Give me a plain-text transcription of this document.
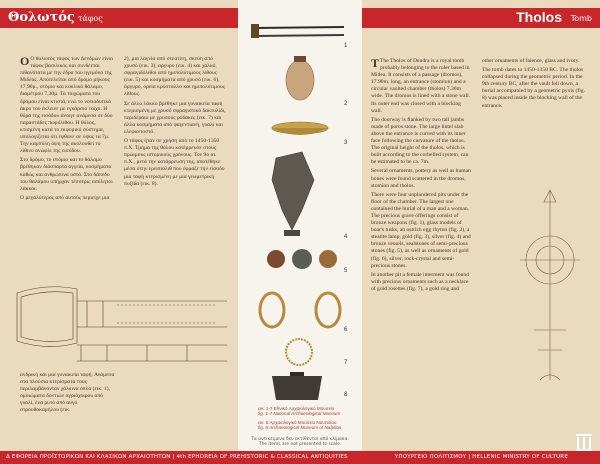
Θολωτός τάφος	Tholos Tomb

Ο Ο θολωτός τάφος των Δενδρών είναι τάφος βασιλικός και συνδέεται πιθανότατα με την έδρα του ηγεμόνα της Μιδέας. Αποτελείται από δρόμο μήκους 17,90μ., στόμιο και κυκλικό θάλαμο, διαμέτρου 7,30μ. Τα τοιχώματα του δρόμου είναι κτιστά, ενώ το νοτιοδυτικό άκρο του έκλεινε με εγκάρσιο τοίχο. Η θύρα της εισόδου άνοιγε ανάμεσα σε δύο παραστάδες πωρόλιθου. Η θόλος, κτισμένη κατά το εκφορικό σύστημα, υπολογίζεται ότι έφθανε σε ύψος τα 7μ. Την καμπύλη όψη της ακολουθεί το λίθινο ανώφλι της εισόδου.

Στο δρόμο, το στόμιο και το θάλαμο βρέθηκαν διάσπαρτα αγγεία, κοσμήματα καθώς και ανθρώπινα οστά. Στο δάπεδο του θαλάμου υπήρχαν τέσσερις ασύλητοι λάκκοι.

Ο μεγαλύτερος από αυτούς περιείχε μια

2), μια λαγνία από στεατίτη, σκεύη από χρυσό (εικ. 3), αργυρο (εικ. 4) και χαλκό, σφραγιδόλιθοι από ημιπολύτιμους λίθους (εικ. 5) και κοσμήματα από χρυσό (εικ. 6), άργυρο, ορεία κρύσταλλο και ημιπολύτιμους λίθους.

Σε άλλο λάκκο βρέθηκε μια γυναικεία ταφή κτερισμένη με χρυσό σφραγιστικό δακτυλίδι, περιδέραιο με χρυσούς ρόδακες (εικ. 7) και άλλα κοσμήματα από φαγεντιανή, γυαλί και ελεφαντοστό.

Ο τάφος ήταν σε χρήση από το 1450-1350 π.Χ. Τμήμα της θόλου κατέρρευσε στους πρώιμους ιστορικούς χρόνους. Τον 9ο αι. π.Χ., μετά την κατάρρευση της, αποτέθηκε μέσα στην ερειπιόλιθ που έφραζε την είσοδο μια ταφή κτερισμένη με μια γεωμετρική πυξίδα (εικ. 8).

ανδρική και μια γυναικεία ταφή. Ανάμεσα στα πλούσια κτερίσματα τους περιλαμβάνονταν χάλκινα όπλα (εικ. 1), ομοιώματα δοντιών αγριόχοιρου από γυαλί, ένα ρυτό από αυγό στρουθοκαμήλου (εικ.

1
2
3
4
5
6
7
8
εικ. 1-7 Εθνικό Αρχαιολογικό Μουσείο
fig. 1-7 National Archaeological Museum
εικ. 8 Αρχαιολογικό Μουσείο Ναυπλίου
fig. 8 Archaeological Museum of Nafplion
Τα αντικείμενα δεν εκτίθενται από κλίμακα.
The items are not presented to scale.

T The Tholos of Dendra is a royal tomb probably belonging to the ruler based in Midea. It consists of a passage (dromos), 17.90m. long, an entrance (stomion) and a circular vaulted chamber (tholos) 7.30m wide. The dromos is lined with a stone wall. Its outer end was closed with a blocking wall.

The doorway is flanked by two tall jambs made of poros stone. The large lintel slab above the entrance is curved with its inner face following the curvature of the tholos. The original height of the tholos, which is built according to the corbelled system, can be estimated to be ca. 7m.

Several ornaments, pottery as well as human bones were found scattered in the dromos, stomion and tholos.

There were four unplundered pits under the floor of the chamber. The largest one contained the burial of a man and a woman. The precious grave offerings consist of bronze weapons (fig. 1), glass models of boar's tusks, an ostrich egg rhyton (fig. 2), a steatite lamp, gold (fig. 3), silver (fig. 4) and bronze vessels, sealstones of semi-precious stones (fig. 5), as well as ornaments of gold (fig. 6), silver, rock-crystal and semi-precious stones.

In another pit a female interment was found with precious ornaments such as a necklace of gold rosettes (fig. 7), a gold ring and

other ornaments of faience, glass and ivory.

The tomb dates to 1450-1350 BC. The tholos collapsed during the geometric period. In the 9th century BC, after the vault fell down, a burial accompanied by a geometric pyxis (fig. 8) was placed inside the blocking wall of the entrance.

Δ ΕΦΟΡΕΙΑ ΠΡΟΪΣΤΟΡΙΚΩΝ ΚΑΙ ΚΛΑΣΙΚΩΝ ΑΡΧΑΙΟΤΗΤΩΝ | 4th EPHOREIA OF PREHISTORIC & CLASSICAL ANTIQUITIES	ΥΠΟΥΡΓΕΙΟ ΠΟΛΙΤΙΣΜΟΥ | HELLENIC MINISTRY OF CULTURE
